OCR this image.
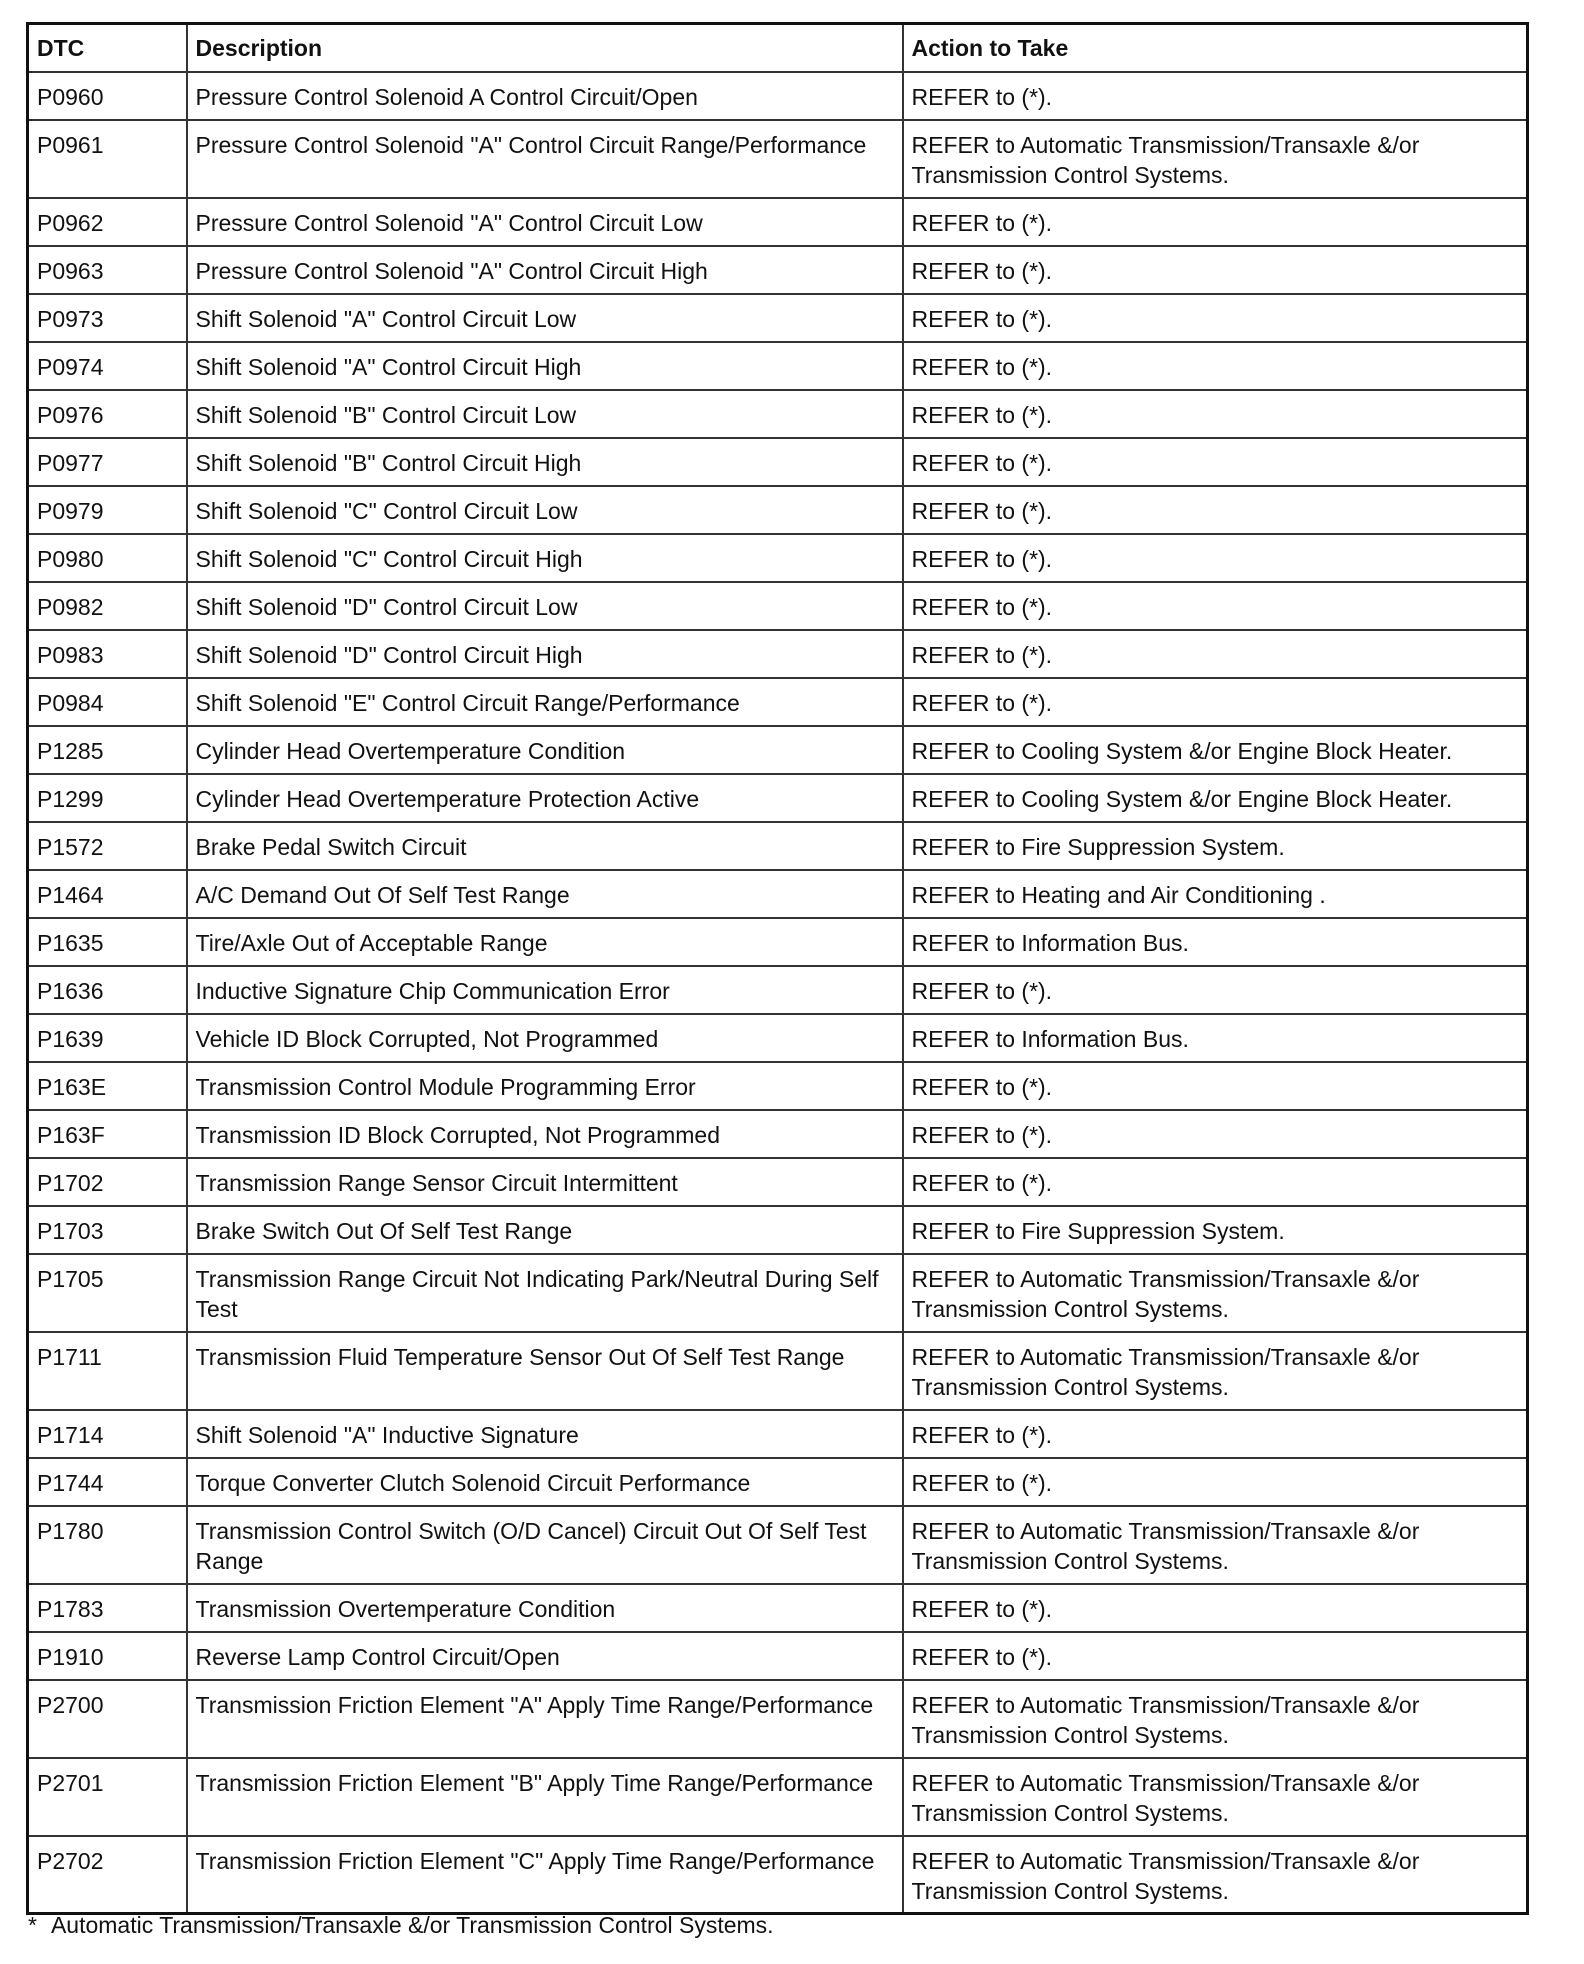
DTC	Description	Action to Take

P0960	Pressure Control Solenoid A Control Circuit/Open	REFER to (*).

P0961	Pressure Control Solenoid "A" Control Circuit Range/Performance	REFER to Automatic Transmission/Transaxle &/or Transmission Control Systems.

P0962	Pressure Control Solenoid "A" Control Circuit Low	REFER to (*).

P0963	Pressure Control Solenoid "A" Control Circuit High	REFER to (*).

P0973	Shift Solenoid "A" Control Circuit Low	REFER to (*).

P0974	Shift Solenoid "A" Control Circuit High	REFER to (*).

P0976	Shift Solenoid "B" Control Circuit Low	REFER to (*).

P0977	Shift Solenoid "B" Control Circuit High	REFER to (*).

P0979	Shift Solenoid "C" Control Circuit Low	REFER to (*).

P0980	Shift Solenoid "C" Control Circuit High	REFER to (*).

P0982	Shift Solenoid "D" Control Circuit Low	REFER to (*).

P0983	Shift Solenoid "D" Control Circuit High	REFER to (*).

P0984	Shift Solenoid "E" Control Circuit Range/Performance	REFER to (*).

P1285	Cylinder Head Overtemperature Condition	REFER to Cooling System &/or Engine Block Heater.

P1299	Cylinder Head Overtemperature Protection Active	REFER to Cooling System &/or Engine Block Heater.

P1572	Brake Pedal Switch Circuit	REFER to Fire Suppression System.

P1464	A/C Demand Out Of Self Test Range	REFER to Heating and Air Conditioning .

P1635	Tire/Axle Out of Acceptable Range	REFER to Information Bus.

P1636	Inductive Signature Chip Communication Error	REFER to (*).

P1639	Vehicle ID Block Corrupted, Not Programmed	REFER to Information Bus.

P163E	Transmission Control Module Programming Error	REFER to (*).

P163F	Transmission ID Block Corrupted, Not Programmed	REFER to (*).

P1702	Transmission Range Sensor Circuit Intermittent	REFER to (*).

P1703	Brake Switch Out Of Self Test Range	REFER to Fire Suppression System.

P1705	Transmission Range Circuit Not Indicating Park/Neutral During Self Test	REFER to Automatic Transmission/Transaxle &/or Transmission Control Systems.

P1711	Transmission Fluid Temperature Sensor Out Of Self Test Range	REFER to Automatic Transmission/Transaxle &/or Transmission Control Systems.

P1714	Shift Solenoid "A" Inductive Signature	REFER to (*).

P1744	Torque Converter Clutch Solenoid Circuit Performance	REFER to (*).

P1780	Transmission Control Switch (O/D Cancel) Circuit Out Of Self Test Range	REFER to Automatic Transmission/Transaxle &/or Transmission Control Systems.

P1783	Transmission Overtemperature Condition	REFER to (*).

P1910	Reverse Lamp Control Circuit/Open	REFER to (*).

P2700	Transmission Friction Element "A" Apply Time Range/Performance	REFER to Automatic Transmission/Transaxle &/or Transmission Control Systems.

P2701	Transmission Friction Element "B" Apply Time Range/Performance	REFER to Automatic Transmission/Transaxle &/or Transmission Control Systems.

P2702	Transmission Friction Element "C" Apply Time Range/Performance	REFER to Automatic Transmission/Transaxle &/or Transmission Control Systems.
* Automatic Transmission/Transaxle &/or Transmission Control Systems.
